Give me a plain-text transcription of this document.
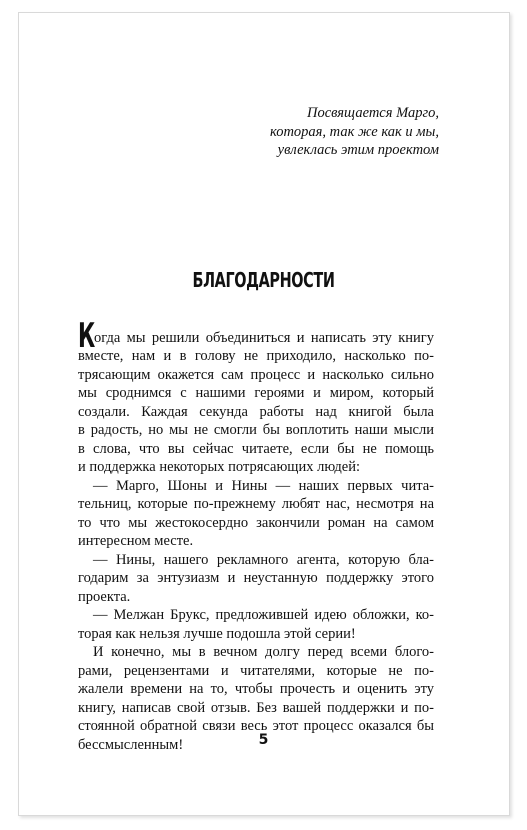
Посвящается Марго,
которая, так же как и мы,
увлеклась этим проектом
БЛАГОДАРНОСТИ
К
огда мы решили объединиться и написать эту книгу
вместе, нам и в голову не приходило, насколько по-
трясающим окажется сам процесс и насколько сильно
мы сроднимся с нашими героями и миром, который
создали. Каждая секунда работы над книгой была
в радость, но мы не смогли бы воплотить наши мысли
в слова, что вы сейчас читаете, если бы не помощь
и поддержка некоторых потрясающих людей:
— Марго, Шоны и Нины — наших первых чита-
тельниц, которые по-прежнему любят нас, несмотря на
то что мы жестокосердно закончили роман на самом
интересном месте.
— Нины, нашего рекламного агента, которую бла-
годарим за энтузиазм и неустанную поддержку этого
проекта.
— Мелжан Брукс, предложившей идею обложки, ко-
торая как нельзя лучше подошла этой серии!
И конечно, мы в вечном долгу перед всеми блого-
рами, рецензентами и читателями, которые не по-
жалели времени на то, чтобы прочесть и оценить эту
книгу, написав свой отзыв. Без вашей поддержки и по-
стоянной обратной связи весь этот процесс оказался бы
бессмысленным!	5
